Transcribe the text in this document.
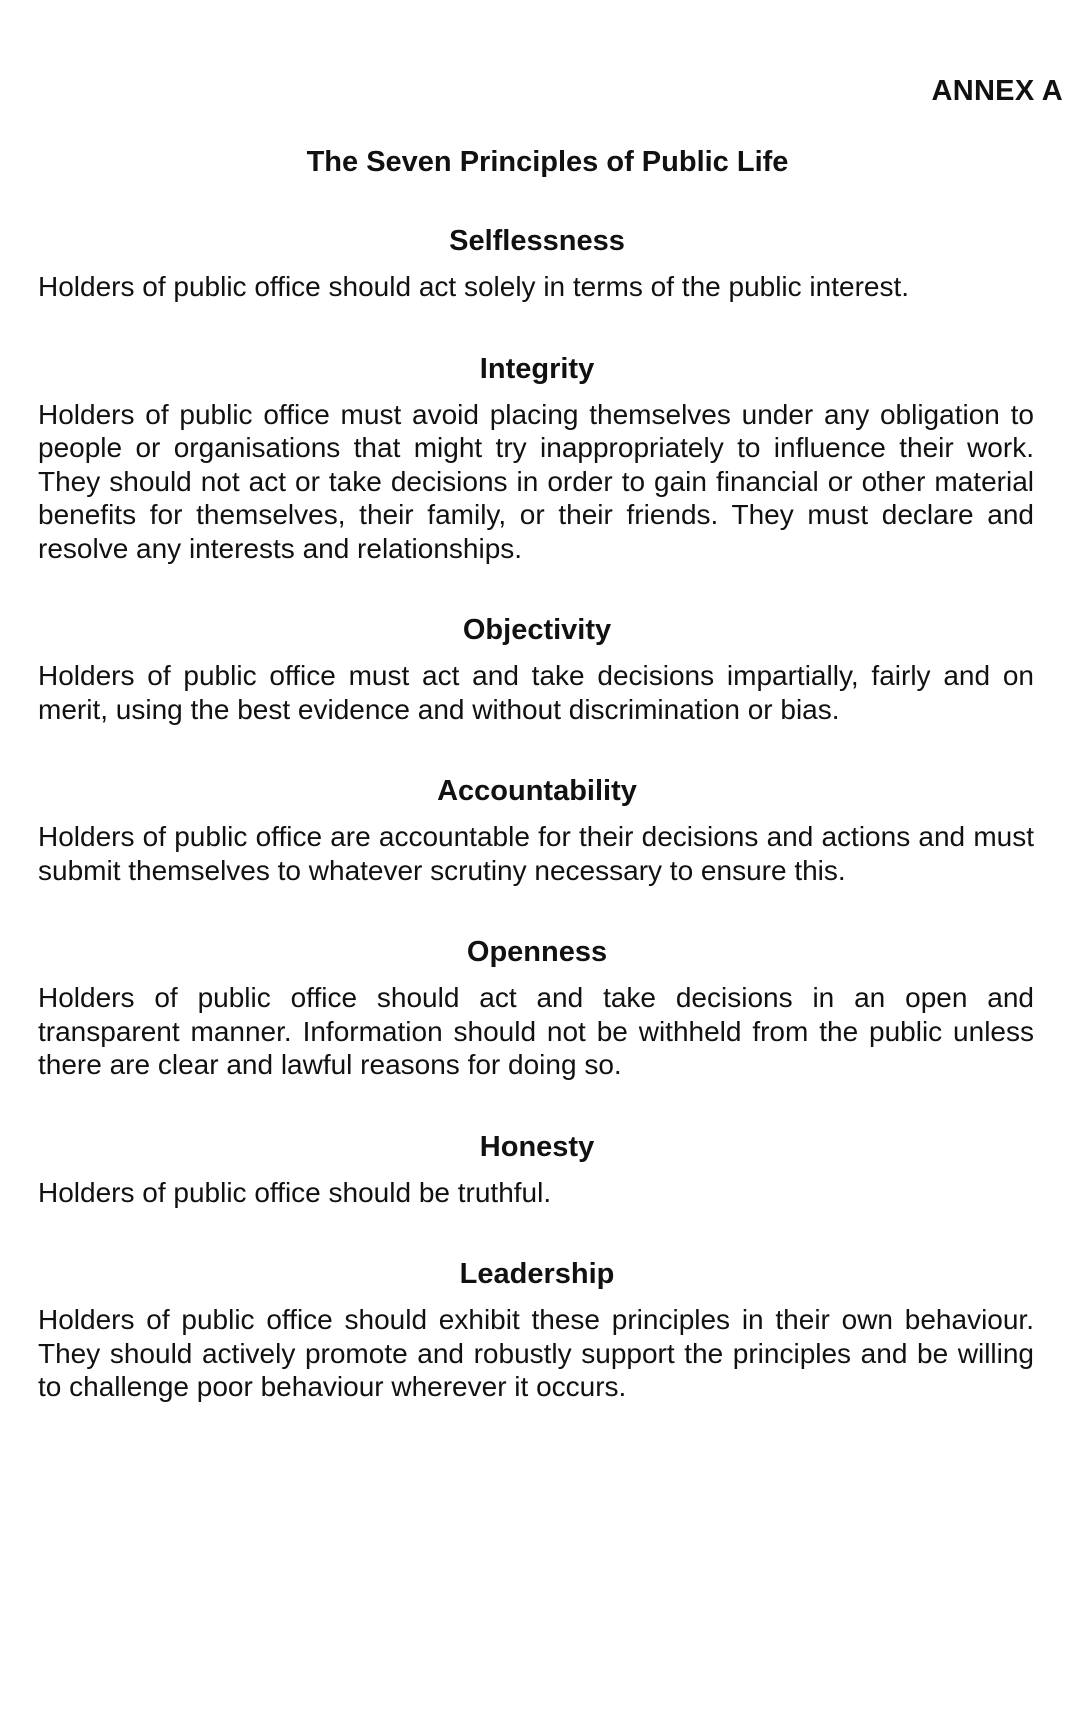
ANNEX A
The Seven Principles of Public Life
Selflessness

Holders of public office should act solely in terms of the public interest.

Integrity

Holders of public office must avoid placing themselves under any obligation to people or organisations that might try inappropriately to influence their work. They should not act or take decisions in order to gain financial or other material benefits for themselves, their family, or their friends. They must declare and resolve any interests and relationships.

Objectivity

Holders of public office must act and take decisions impartially, fairly and on merit, using the best evidence and without discrimination or bias.

Accountability

Holders of public office are accountable for their decisions and actions and must submit themselves to whatever scrutiny necessary to ensure this.

Openness

Holders of public office should act and take decisions in an open and transparent manner. Information should not be withheld from the public unless there are clear and lawful reasons for doing so.

Honesty

Holders of public office should be truthful.

Leadership

Holders of public office should exhibit these principles in their own behaviour. They should actively promote and robustly support the principles and be willing to challenge poor behaviour wherever it occurs.
